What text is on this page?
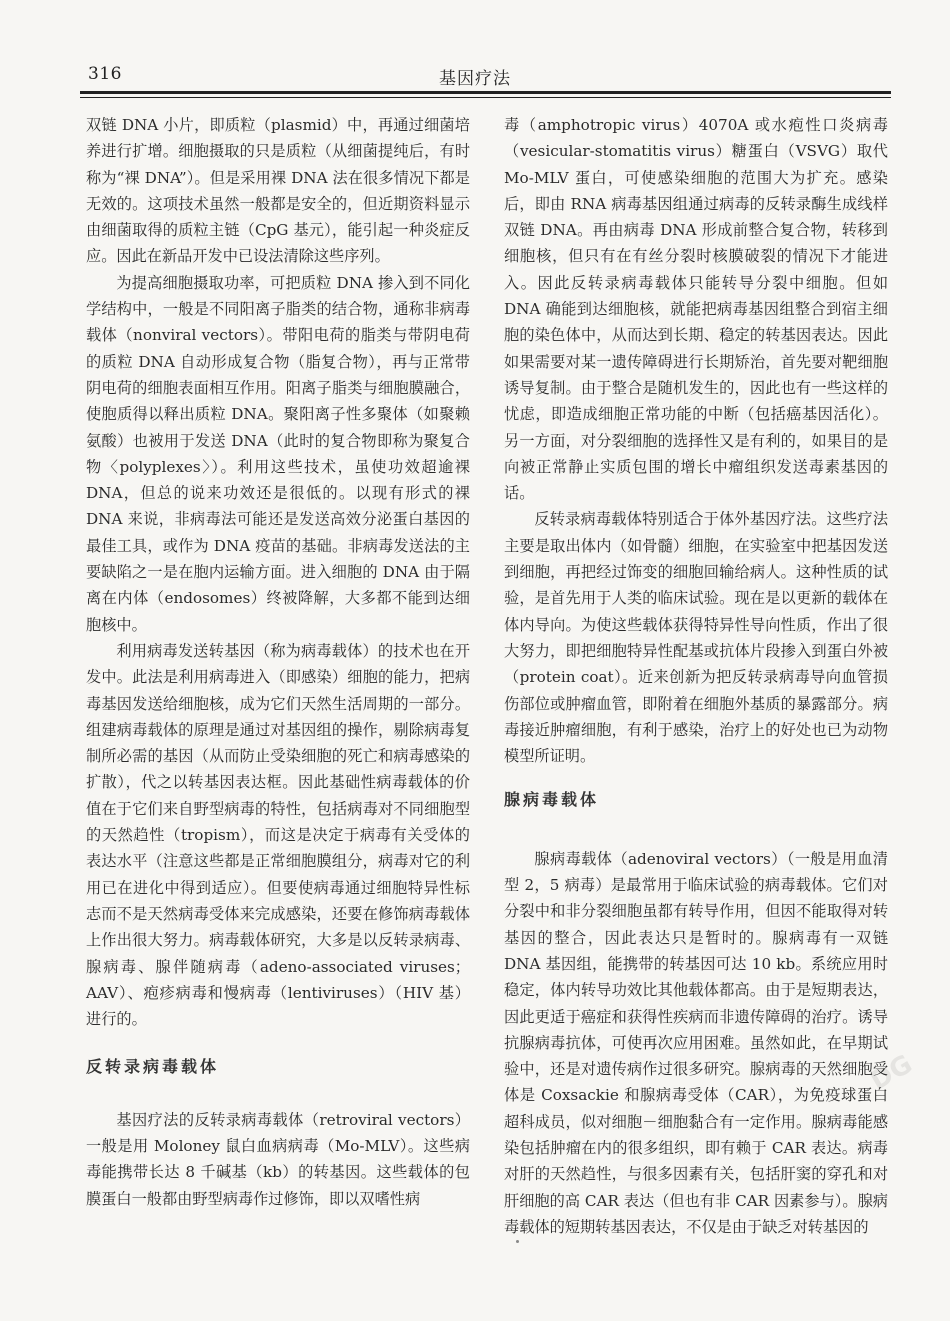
316	基因疗法

双链 DNA 小片，即质粒（plasmid）中，再通过细菌培养进行扩增。细胞摄取的只是质粒（从细菌提纯后，有时称为“裸 DNA”）。但是采用裸 DNA 法在很多情况下都是无效的。这项技术虽然一般都是安全的，但近期资料显示由细菌取得的质粒主链（CpG 基元），能引起一种炎症反应。因此在新品开发中已设法清除这些序列。

为提高细胞摄取功率，可把质粒 DNA 掺入到不同化学结构中，一般是不同阳离子脂类的结合物，通称非病毒载体（nonviral vectors）。带阳电荷的脂类与带阴电荷的质粒 DNA 自动形成复合物（脂复合物），再与正常带阴电荷的细胞表面相互作用。阳离子脂类与细胞膜融合，使胞质得以释出质粒 DNA。聚阳离子性多聚体（如聚赖氨酸）也被用于发送 DNA（此时的复合物即称为聚复合物〈polyplexes〉）。利用这些技术，虽使功效超逾裸 DNA，但总的说来功效还是很低的。以现有形式的裸 DNA 来说，非病毒法可能还是发送高效分泌蛋白基因的最佳工具，或作为 DNA 疫苗的基础。非病毒发送法的主要缺陷之一是在胞内运输方面。进入细胞的 DNA 由于隔离在内体（endosomes）终被降解，大多都不能到达细胞核中。

利用病毒发送转基因（称为病毒载体）的技术也在开发中。此法是利用病毒进入（即感染）细胞的能力，把病毒基因发送给细胞核，成为它们天然生活周期的一部分。组建病毒载体的原理是通过对基因组的操作，剔除病毒复制所必需的基因（从而防止受染细胞的死亡和病毒感染的扩散），代之以转基因表达框。因此基础性病毒载体的价值在于它们来自野型病毒的特性，包括病毒对不同细胞型的天然趋性（tropism），而这是决定于病毒有关受体的表达水平（注意这些都是正常细胞膜组分，病毒对它的利用已在进化中得到适应）。但要使病毒通过细胞特异性标志而不是天然病毒受体来完成感染，还要在修饰病毒载体上作出很大努力。病毒载体研究，大多是以反转录病毒、腺病毒、腺伴随病毒（adeno-associated viruses；AAV）、疱疹病毒和慢病毒（lentiviruses）（HIV 基）进行的。

反转录病毒载体

基因疗法的反转录病毒载体（retroviral vectors）一般是用 Moloney 鼠白血病病毒（Mo-MLV）。这些病毒能携带长达 8 千碱基（kb）的转基因。这些载体的包膜蛋白一般都由野型病毒作过修饰，即以双嗜性病

毒（amphotropic virus）4070A 或水疱性口炎病毒（vesicular-stomatitis virus）糖蛋白（VSVG）取代 Mo-MLV 蛋白，可使感染细胞的范围大为扩充。感染后，即由 RNA 病毒基因组通过病毒的反转录酶生成线样双链 DNA。再由病毒 DNA 形成前整合复合物，转移到细胞核，但只有在有丝分裂时核膜破裂的情况下才能进入。因此反转录病毒载体只能转导分裂中细胞。但如 DNA 确能到达细胞核，就能把病毒基因组整合到宿主细胞的染色体中，从而达到长期、稳定的转基因表达。因此如果需要对某一遗传障碍进行长期矫治，首先要对靶细胞诱导复制。由于整合是随机发生的，因此也有一些这样的忧虑，即造成细胞正常功能的中断（包括癌基因活化）。另一方面，对分裂细胞的选择性又是有利的，如果目的是向被正常静止实质包围的增长中瘤组织发送毒素基因的话。

反转录病毒载体特别适合于体外基因疗法。这些疗法主要是取出体内（如骨髓）细胞，在实验室中把基因发送到细胞，再把经过饰变的细胞回输给病人。这种性质的试验，是首先用于人类的临床试验。现在是以更新的载体在体内导向。为使这些载体获得特异性导向性质，作出了很大努力，即把细胞特异性配基或抗体片段掺入到蛋白外被（protein coat）。近来创新为把反转录病毒导向血管损伤部位或肿瘤血管，即附着在细胞外基质的暴露部分。病毒接近肿瘤细胞，有利于感染，治疗上的好处也已为动物模型所证明。

腺病毒载体

腺病毒载体（adenoviral vectors）（一般是用血清型 2，5 病毒）是最常用于临床试验的病毒载体。它们对分裂中和非分裂细胞虽都有转导作用，但因不能取得对转基因的整合，因此表达只是暂时的。腺病毒有一双链 DNA 基因组，能携带的转基因可达 10 kb。系统应用时稳定，体内转导功效比其他载体都高。由于是短期表达，因此更适于癌症和获得性疾病而非遗传障碍的治疗。诱导抗腺病毒抗体，可使再次应用困难。虽然如此，在早期试验中，还是对遗传病作过很多研究。腺病毒的天然细胞受体是 Coxsackie 和腺病毒受体（CAR），为免疫球蛋白超科成员，似对细胞－细胞黏合有一定作用。腺病毒能感染包括肿瘤在内的很多组织，即有赖于 CAR 表达。病毒对肝的天然趋性，与很多因素有关，包括肝窦的穿孔和对肝细胞的高 CAR 表达（但也有非 CAR 因素参与）。腺病毒载体的短期转基因表达，不仅是由于缺乏对转基因的

DG
